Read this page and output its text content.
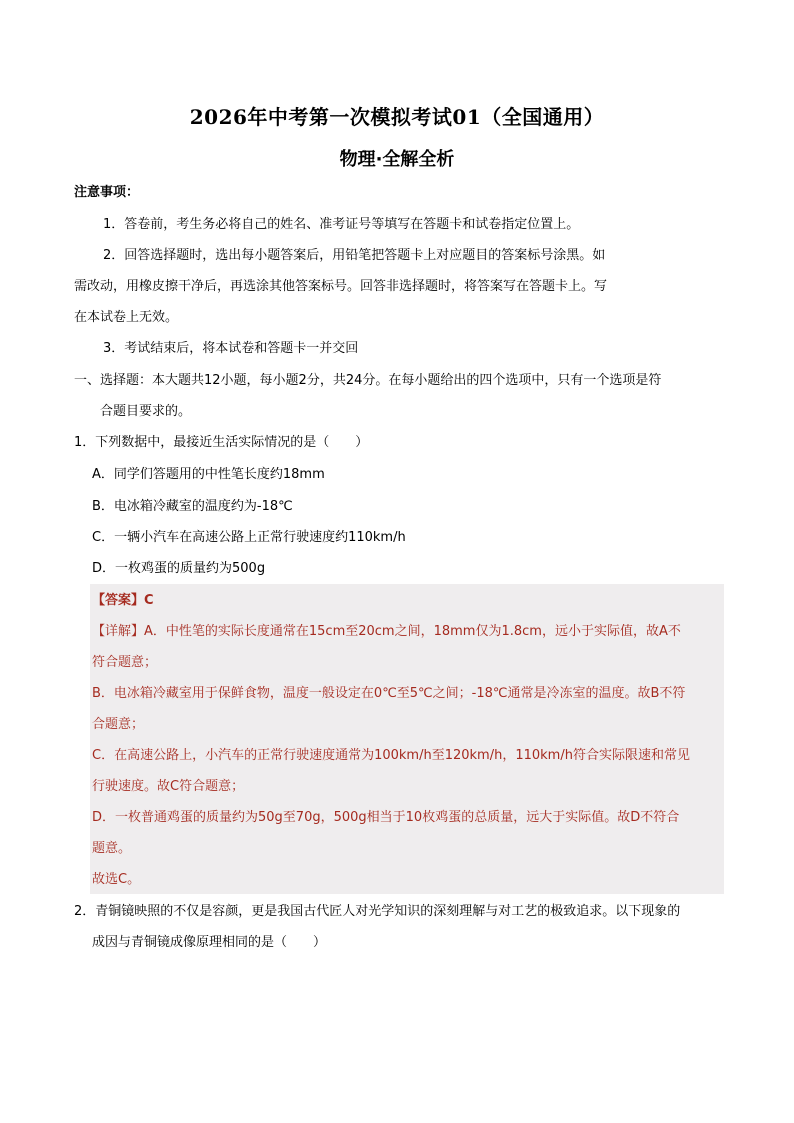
2026年中考第一次模拟考试01（全国通用）
物理·全解全析
注意事项：
1．答卷前，考生务必将自己的姓名、准考证号等填写在答题卡和试卷指定位置上。
2．回答选择题时，选出每小题答案后，用铅笔把答题卡上对应题目的答案标号涂黑。如
需改动，用橡皮擦干净后，再选涂其他答案标号。回答非选择题时，将答案写在答题卡上。写
在本试卷上无效。
3．考试结束后，将本试卷和答题卡一并交回
一、选择题：本大题共12小题，每小题2分，共24分。在每小题给出的四个选项中，只有一个选项是符
合题目要求的。
1．下列数据中，最接近生活实际情况的是（　　）
A．同学们答题用的中性笔长度约18mm
B．电冰箱冷藏室的温度约为-18℃
C．一辆小汽车在高速公路上正常行驶速度约110km/h
D．一枚鸡蛋的质量约为500g
【答案】C
【详解】A．中性笔的实际长度通常在15cm至20cm之间，18mm仅为1.8cm，远小于实际值，故A不
符合题意；
B．电冰箱冷藏室用于保鲜食物，温度一般设定在0℃至5℃之间；-18℃通常是冷冻室的温度。故B不符
合题意；
C．在高速公路上，小汽车的正常行驶速度通常为100km/h至120km/h，110km/h符合实际限速和常见
行驶速度。故C符合题意；
D．一枚普通鸡蛋的质量约为50g至70g，500g相当于10枚鸡蛋的总质量，远大于实际值。故D不符合
题意。
故选C。
2．青铜镜映照的不仅是容颜，更是我国古代匠人对光学知识的深刻理解与对工艺的极致追求。以下现象的
成因与青铜镜成像原理相同的是（　　）
